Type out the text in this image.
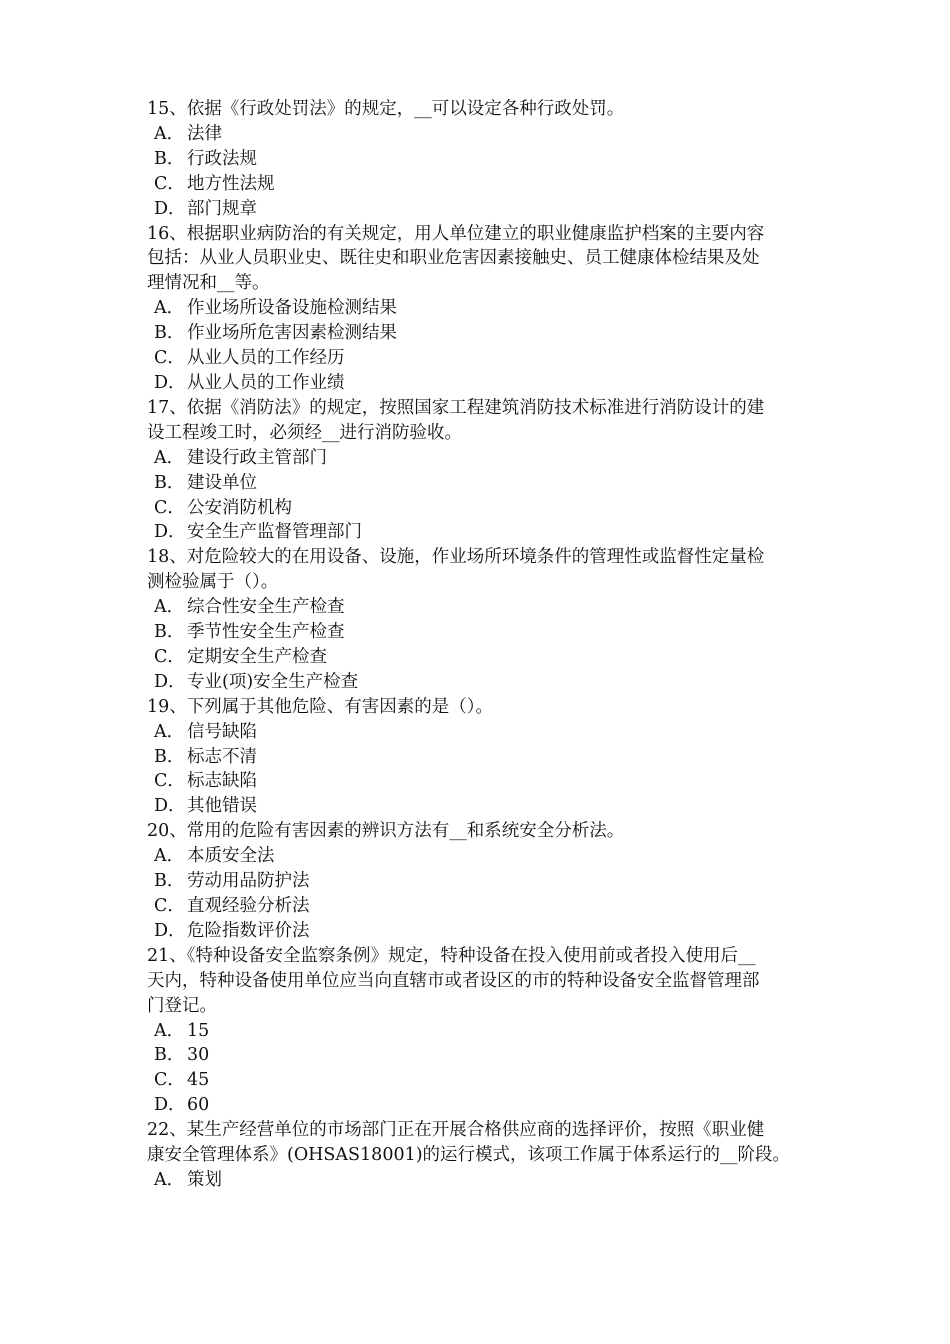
15、依据《行政处罚法》的规定，__可以设定各种行政处罚。
A． 法律
B． 行政法规
C． 地方性法规
D．部门规章
16、根据职业病防治的有关规定，用人单位建立的职业健康监护档案的主要内容
包括：从业人员职业史、既往史和职业危害因素接触史、员工健康体检结果及处
理情况和__等。
A． 作业场所设备设施检测结果
B． 作业场所危害因素检测结果
C． 从业人员的工作经历
D．从业人员的工作业绩
17、依据《消防法》的规定，按照国家工程建筑消防技术标准进行消防设计的建
设工程竣工时，必须经__进行消防验收。
A． 建设行政主管部门
B． 建设单位
C． 公安消防机构
D．安全生产监督管理部门
18、对危险较大的在用设备、设施，作业场所环境条件的管理性或监督性定量检
测检验属于（）。
A． 综合性安全生产检查
B． 季节性安全生产检查
C． 定期安全生产检查
D．专业(项)安全生产检查
19、下列属于其他危险、有害因素的是（）。
A． 信号缺陷
B． 标志不清
C． 标志缺陷
D．其他错误
20、常用的危险有害因素的辨识方法有__和系统安全分析法。
A． 本质安全法
B． 劳动用品防护法
C． 直观经验分析法
D．危险指数评价法
21、《特种设备安全监察条例》规定，特种设备在投入使用前或者投入使用后__
天内，特种设备使用单位应当向直辖市或者设区的市的特种设备安全监督管理部
门登记。
A． 15
B． 30
C． 45
D．60
22、某生产经营单位的市场部门正在开展合格供应商的选择评价，按照《职业健
康安全管理体系》(OHSAS18001)的运行模式，该项工作属于体系运行的__阶段。
A． 策划
